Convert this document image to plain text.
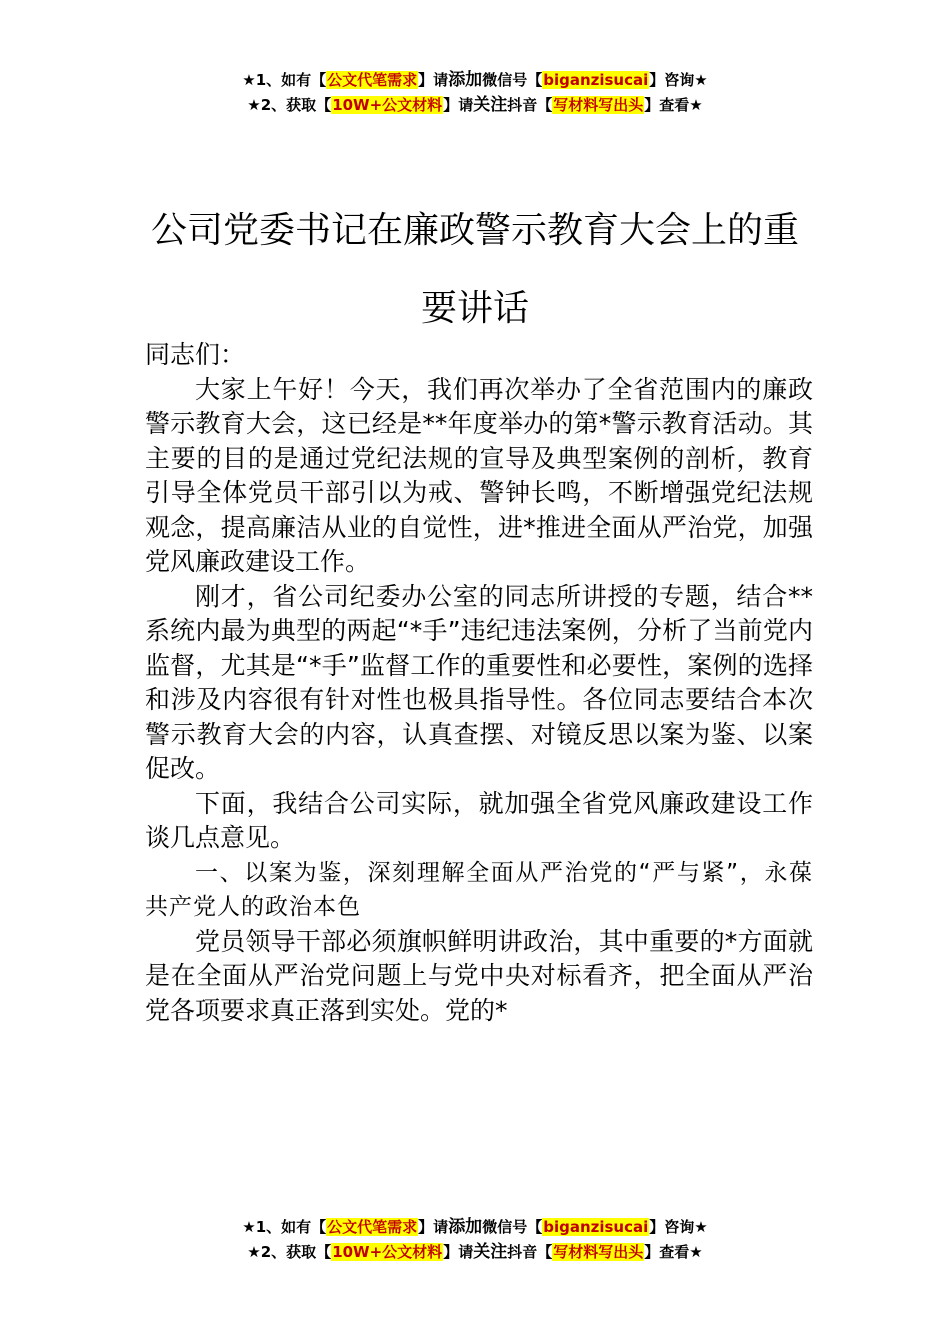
★1、如有【公文代笔需求】请添加微信号【biganzisucai】咨询★
★2、获取【10W+公文材料】请关注抖音【写材料写出头】查看★
公司党委书记在廉政警示教育大会上的重要讲话

同志们：

大家上午好！今天，我们再次举办了全省范围内的廉政警示教育大会，这已经是**年度举办的第*警示教育活动。其主要的目的是通过党纪法规的宣导及典型案例的剖析，教育引导全体党员干部引以为戒、警钟长鸣，不断增强党纪法规观念，提高廉洁从业的自觉性，进*推进全面从严治党，加强党风廉政建设工作。

刚才，省公司纪委办公室的同志所讲授的专题，结合**系统内最为典型的两起“*手”违纪违法案例，分析了当前党内监督，尤其是“*手”监督工作的重要性和必要性，案例的选择和涉及内容很有针对性也极具指导性。各位同志要结合本次警示教育大会的内容，认真查摆、对镜反思以案为鉴、以案促改。

下面，我结合公司实际，就加强全省党风廉政建设工作谈几点意见。

一、以案为鉴，深刻理解全面从严治党的“严与紧”，永葆共产党人的政治本色

党员领导干部必须旗帜鲜明讲政治，其中重要的*方面就是在全面从严治党问题上与党中央对标看齐，把全面从严治党各项要求真正落到实处。党的*

★1、如有【公文代笔需求】请添加微信号【biganzisucai】咨询★
★2、获取【10W+公文材料】请关注抖音【写材料写出头】查看★
